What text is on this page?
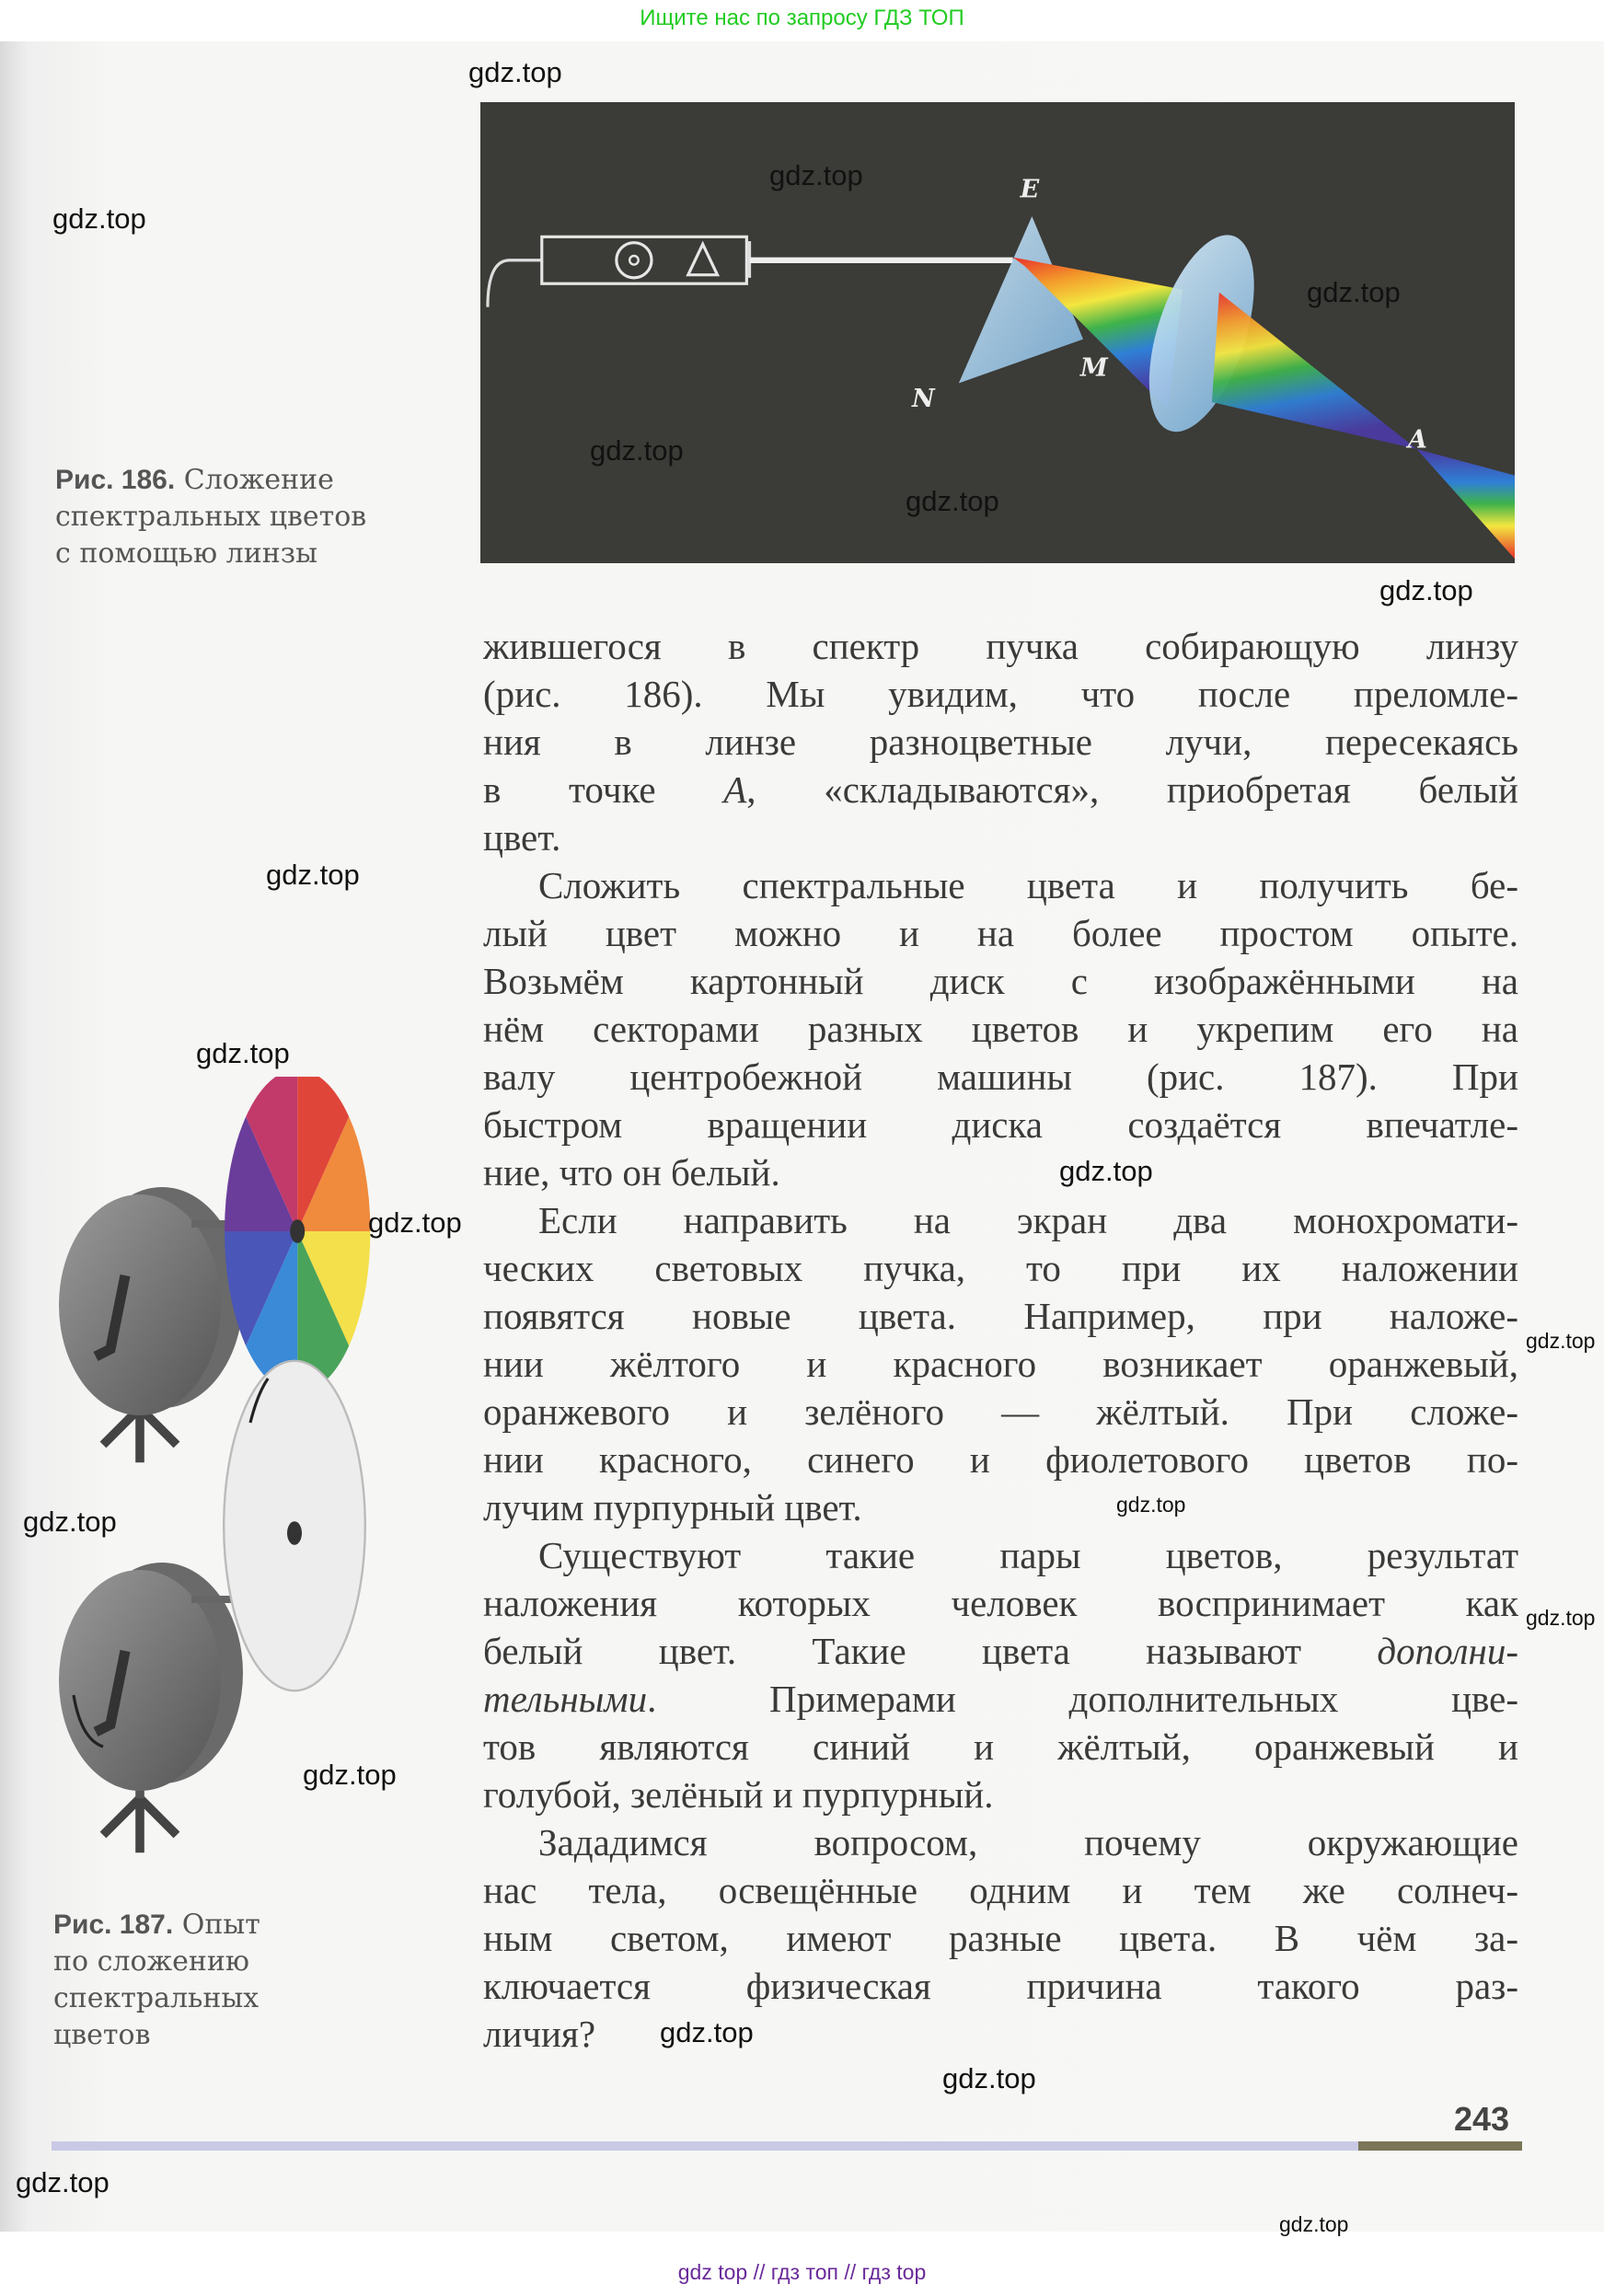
Ищите нас по запросу ГДЗ ТОП
E
M
N
A
Рис. 186. Сложение
спектральных цветов
с помощью линзы
жившегося в спектр пучка собирающую линзу
(рис. 186). Мы увидим, что после преломле-
ния в линзе разноцветные лучи, пересекаясь
в точке A, «складываются», приобретая белый
цвет.
Сложить спектральные цвета и получить бе-
лый цвет можно и на более простом опыте.
Возьмём картонный диск с изображёнными на
нём секторами разных цветов и укрепим его на
валу центробежной машины (рис. 187). При
быстром вращении диска создаётся впечатле-
ние, что он белый.
Если направить на экран два монохромати-
ческих световых пучка, то при их наложении
появятся новые цвета. Например, при наложе-
нии жёлтого и красного возникает оранжевый,
оранжевого и зелёного — жёлтый. При сложе-
нии красного, синего и фиолетового цветов по-
лучим пурпурный цвет.
Существуют такие пары цветов, результат
наложения которых человек воспринимает как
белый цвет. Такие цвета называют дополни-
тельными. Примерами дополнительных цве-
тов являются синий и жёлтый, оранжевый и
голубой, зелёный и пурпурный.
Зададимся вопросом, почему окружающие
нас тела, освещённые одним и тем же солнеч-
ным светом, имеют разные цвета. В чём за-
ключается физическая причина такого раз-
личия?
Рис. 187. Опыт
по сложению
спектральных
цветов
243
gdz top // гдз топ // гдз top
gdz.top
gdz.top
gdz.top
gdz.top
gdz.top
gdz.top
gdz.top
gdz.top
gdz.top
gdz.top
gdz.top
gdz.top
gdz.top
gdz.top
gdz.top
gdz.top
gdz.top
gdz.top
gdz.top
gdz.top
